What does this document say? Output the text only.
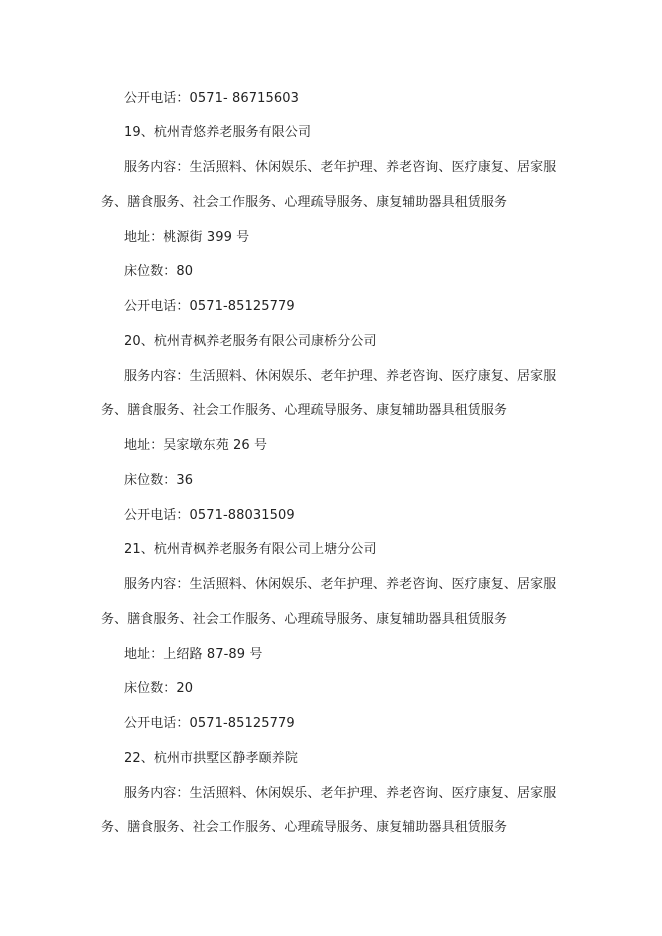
公开电话：0571- 86715603
19、杭州青悠养老服务有限公司
服务内容：生活照料、休闲娱乐、老年护理、养老咨询、医疗康复、居家服
务、膳食服务、社会工作服务、心理疏导服务、康复辅助器具租赁服务
地址：桃源街 399 号
床位数：80
公开电话：0571-85125779
20、杭州青枫养老服务有限公司康桥分公司
服务内容：生活照料、休闲娱乐、老年护理、养老咨询、医疗康复、居家服
务、膳食服务、社会工作服务、心理疏导服务、康复辅助器具租赁服务
地址：吴家墩东苑 26 号
床位数：36
公开电话：0571-88031509
21、杭州青枫养老服务有限公司上塘分公司
服务内容：生活照料、休闲娱乐、老年护理、养老咨询、医疗康复、居家服
务、膳食服务、社会工作服务、心理疏导服务、康复辅助器具租赁服务
地址：上绍路 87-89 号
床位数：20
公开电话：0571-85125779
22、杭州市拱墅区静孝颐养院
服务内容：生活照料、休闲娱乐、老年护理、养老咨询、医疗康复、居家服
务、膳食服务、社会工作服务、心理疏导服务、康复辅助器具租赁服务
